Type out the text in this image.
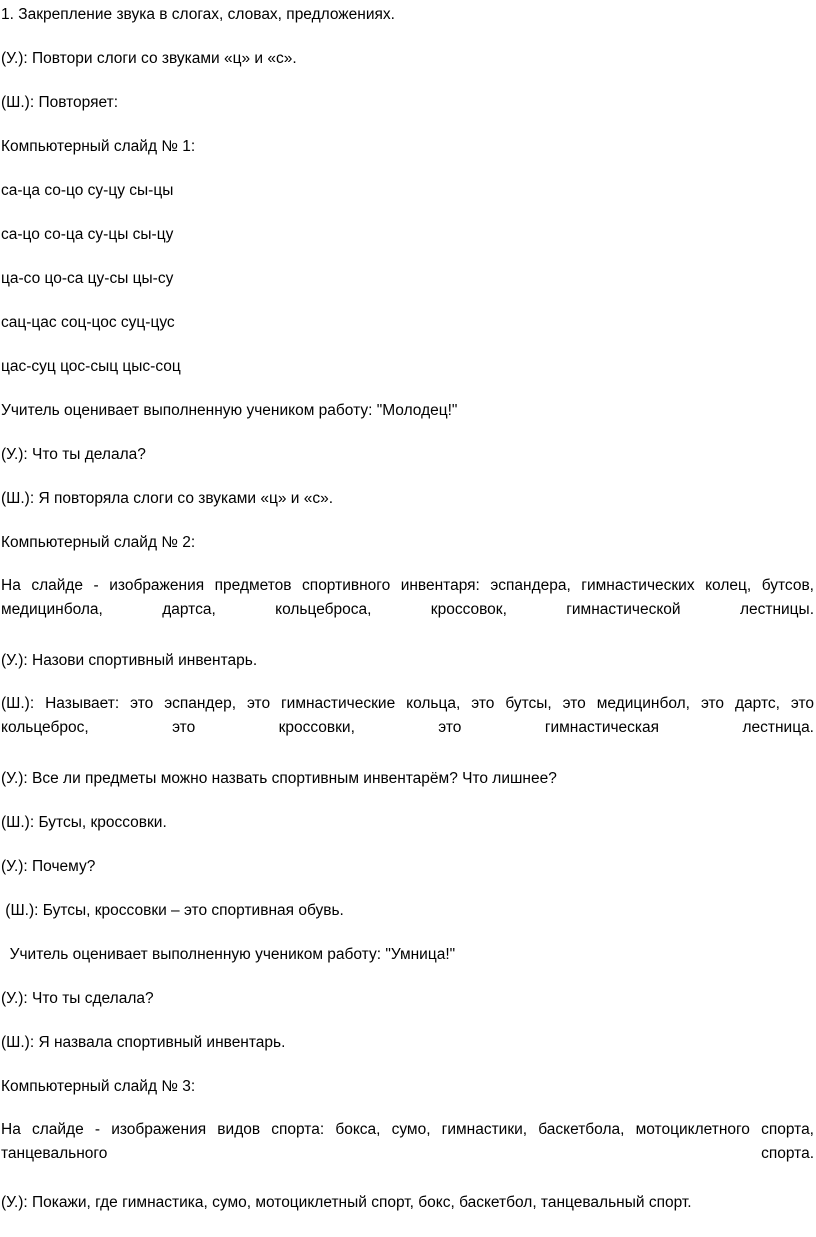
1. Закрепление звука в слогах, словах, предложениях.

(У.): Повтори слоги со звуками «ц» и «с».

(Ш.): Повторяет:

Компьютерный слайд № 1:

са-ца со-цо су-цу сы-цы

са-цо со-ца су-цы сы-цу

ца-со цо-са цу-сы цы-су

сац-цас соц-цос суц-цус

цас-суц цос-сыц цыс-соц

Учитель оценивает выполненную учеником работу: "Молодец!"

(У.): Что ты делала?

(Ш.): Я повторяла слоги со звуками «ц» и «с».

Компьютерный слайд № 2:

На слайде - изображения предметов спортивного инвентаря: эспандера, гимнастических колец, бутсов, медицинбола, дартса, кольцеброса, кроссовок, гимнастической лестницы.

(У.): Назови спортивный инвентарь.

(Ш.): Называет: это эспандер, это гимнастические кольца, это бутсы, это медицинбол, это дартс, это кольцеброс, это кроссовки, это гимнастическая лестница.

(У.): Все ли предметы можно назвать спортивным инвентарём? Что лишнее?

(Ш.): Бутсы, кроссовки.

(У.): Почему?

(Ш.): Бутсы, кроссовки – это спортивная обувь.

Учитель оценивает выполненную учеником работу: "Умница!"

(У.): Что ты сделала?

(Ш.): Я назвала спортивный инвентарь.

Компьютерный слайд № 3:

На слайде - изображения видов спорта: бокса, сумо, гимнастики, баскетбола, мотоциклетного спорта, танцевального спорта.

(У.): Покажи, где гимнастика, сумо, мотоциклетный спорт, бокс, баскетбол, танцевальный спорт.
